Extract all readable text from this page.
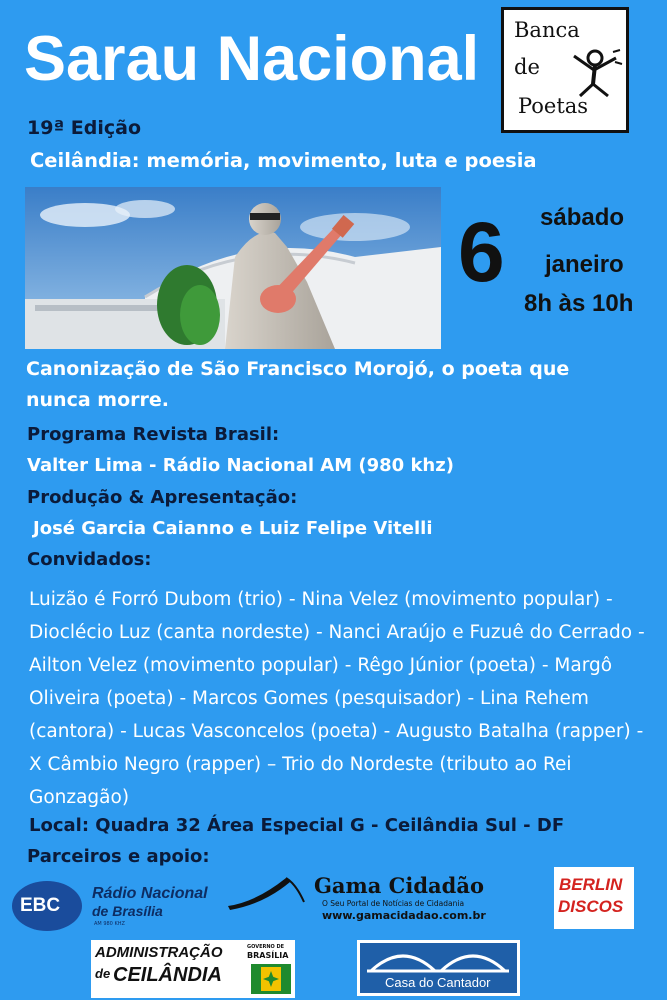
Sarau Nacional
19ª Edição
Ceilândia: memória, movimento, luta e poesia
Banca
de
Poetas
6 sábado
janeiro
8h às 10h
Canonização de São Francisco Morojó, o poeta que nunca morre.
Programa Revista Brasil:
Valter Lima - Rádio Nacional AM (980 khz)
Produção & Apresentação:
José Garcia Caianno e Luiz Felipe Vitelli
Convidados:
Luizão é Forró Dubom (trio) - Nina Velez (movimento popular) - Dioclécio Luz (canta nordeste) - Nanci Araújo e Fuzuê do Cerrado - Ailton Velez (movimento popular) - Rêgo Júnior (poeta) - Margô Oliveira (poeta) - Marcos Gomes (pesquisador) - Lina Rehem (cantora) - Lucas Vasconcelos (poeta) - Augusto Batalha (rapper) - X Câmbio Negro (rapper) – Trio do Nordeste (tributo ao Rei Gonzagão)
Local: Quadra 32 Área Especial G - Ceilândia Sul - DF
Parceiros e apoio:
EBC
Rádio Nacional
de Brasília
AM 980 KHZ
Gama Cidadão
O Seu Portal de Notícias de Cidadania
www.gamacidadao.com.br
BERLIN
DISCOS
ADMINISTRAÇÃO
de CEILÂNDIA
GOVERNO DE
BRASÍLIA
Casa do Cantador
